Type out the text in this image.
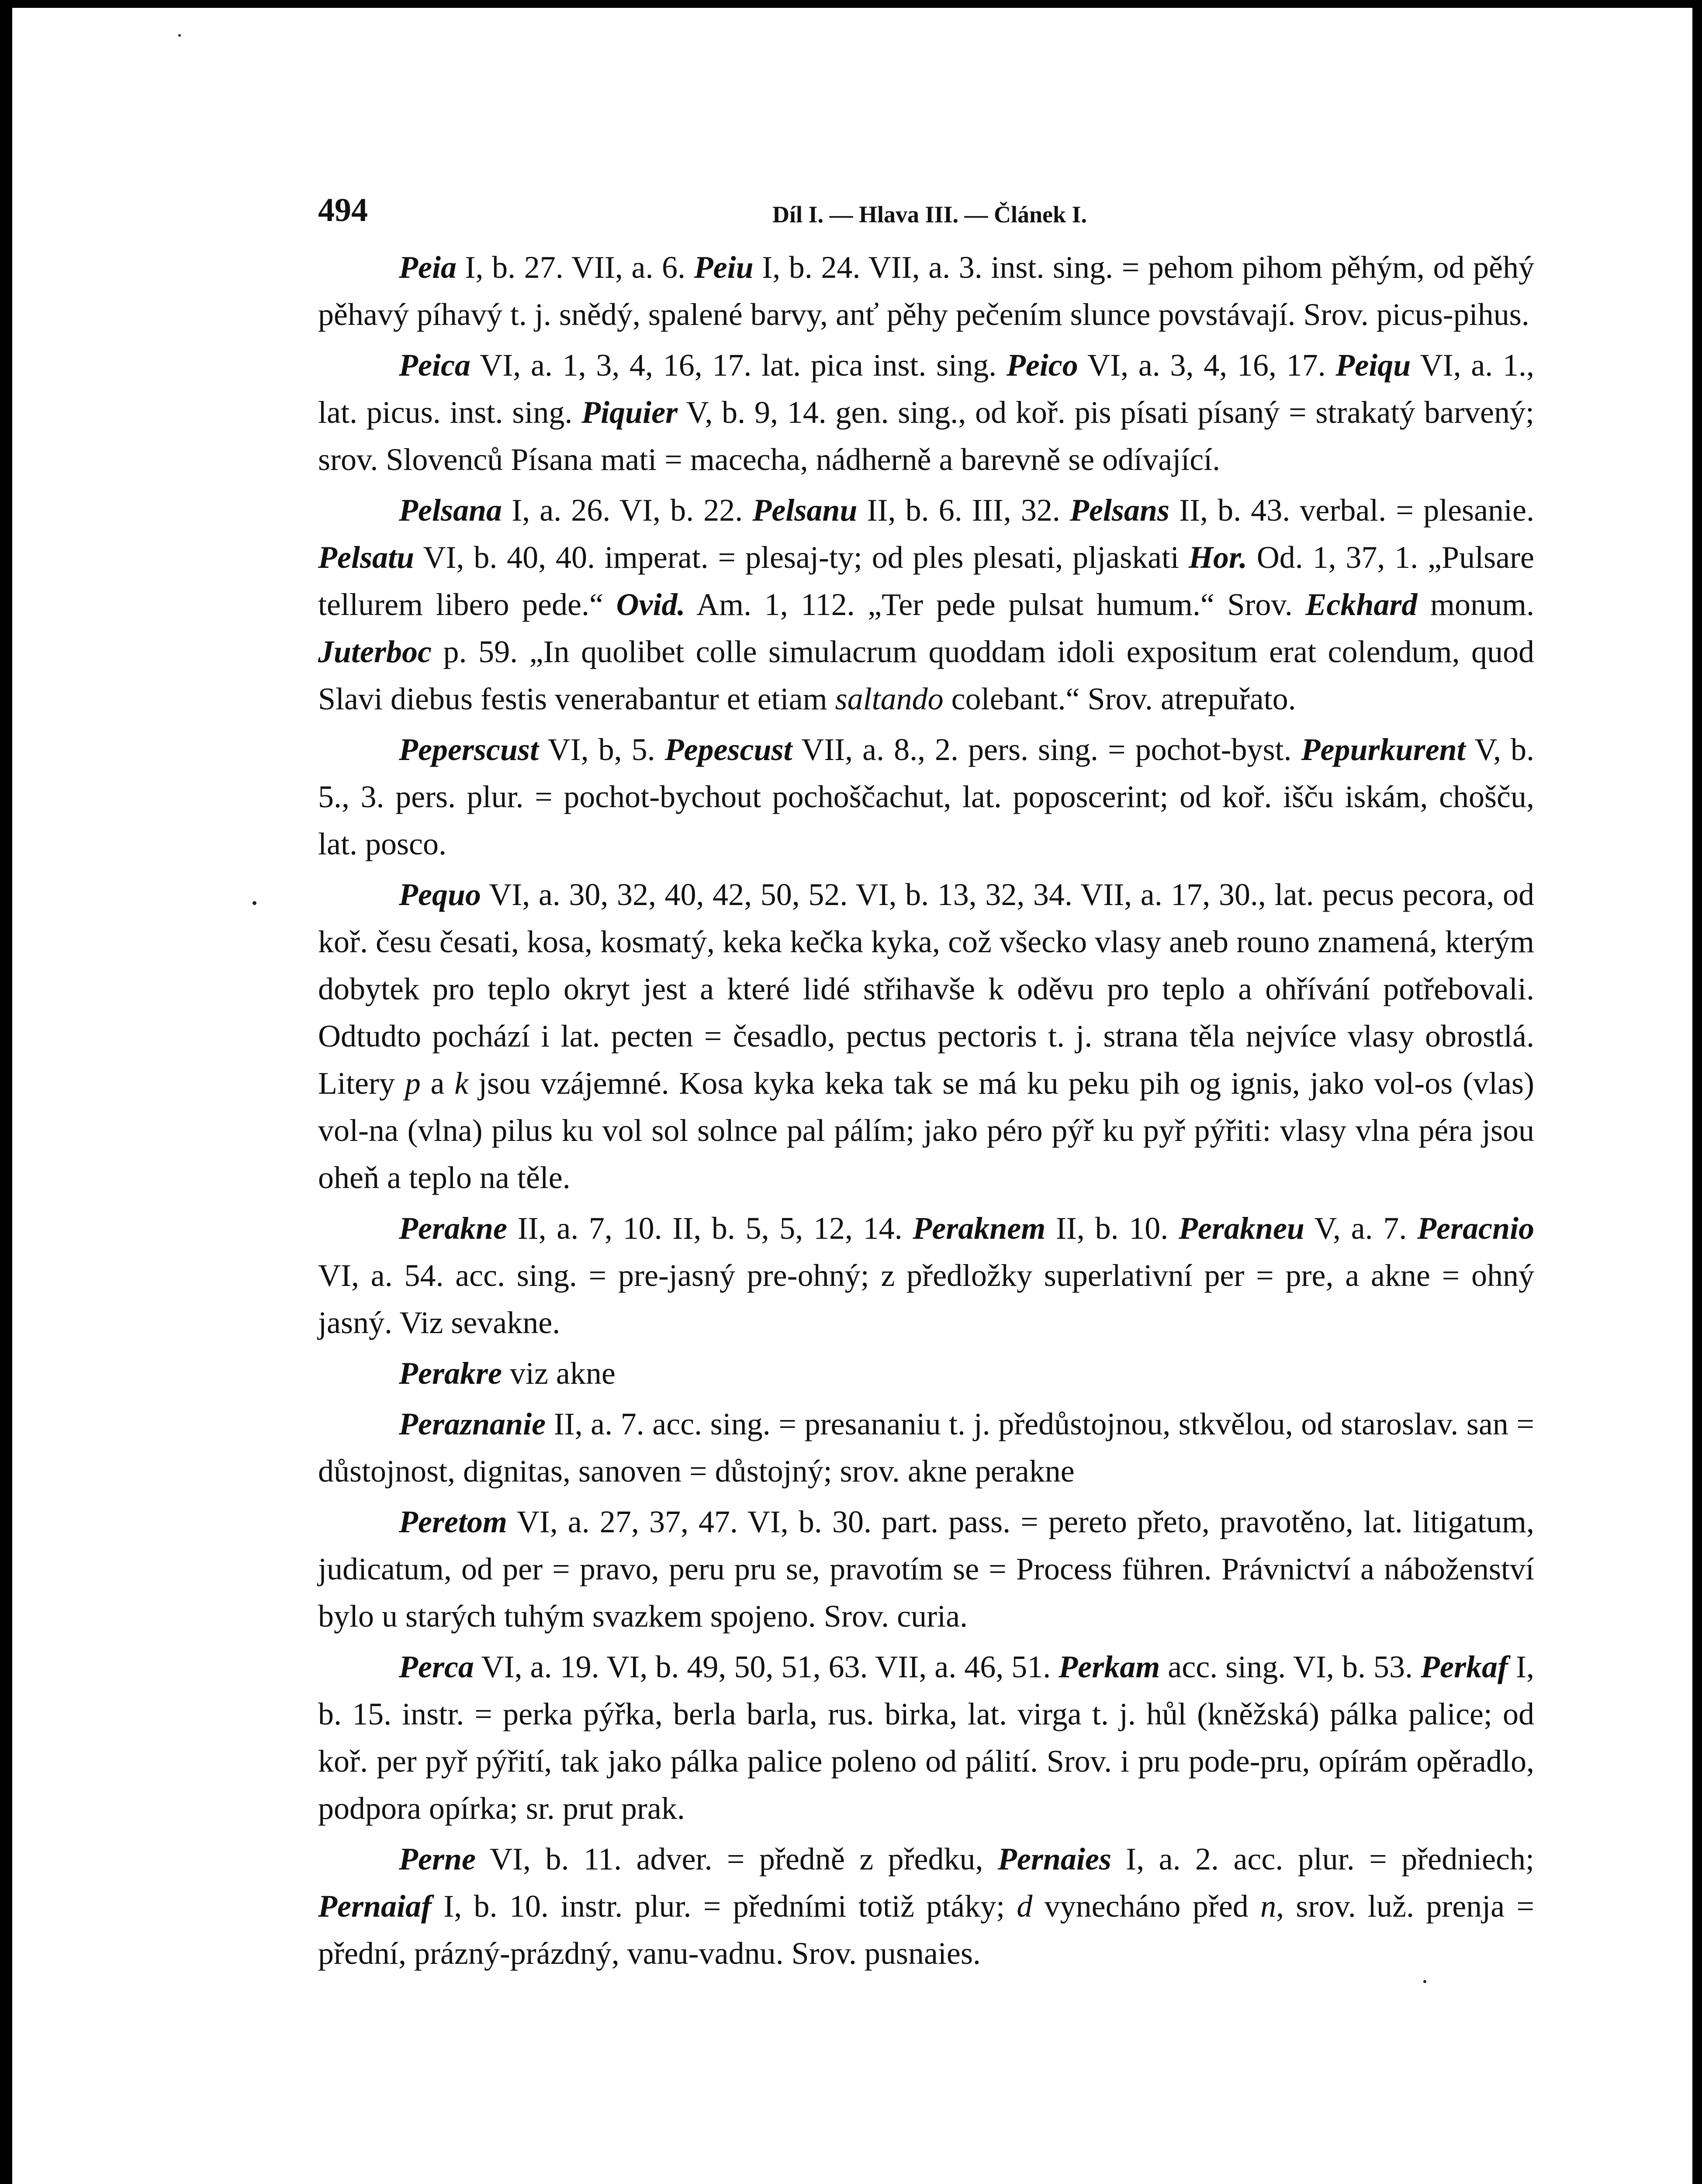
494	Díl I. — Hlava III. — Článek I.

Peia I, b. 27. VII, a. 6. Peiu I, b. 24. VII, a. 3. inst. sing. = pehom pihom pěhým, od pěhý pěhavý píhavý t. j. snědý, spalené barvy, anť pěhy pečením slunce povstávají. Srov. picus-pihus.

Peica VI, a. 1, 3, 4, 16, 17. lat. pica inst. sing. Peico VI, a. 3, 4, 16, 17. Peiqu VI, a. 1., lat. picus. inst. sing. Piquier V, b. 9, 14. gen. sing., od koř. pis písati písaný = strakatý barvený; srov. Slovenců Písana mati = macecha, nádherně a barevně se odívající.

Pelsana I, a. 26. VI, b. 22. Pelsanu II, b. 6. III, 32. Pelsans II, b. 43. verbal. = plesanie. Pelsatu VI, b. 40, 40. imperat. = plesaj-ty; od ples plesati, pljaskati Hor. Od. 1, 37, 1. „Pulsare tellurem libero pede.“ Ovid. Am. 1, 112. „Ter pede pulsat humum.“ Srov. Eckhard monum. Juterboc p. 59. „In quolibet colle simulacrum quoddam idoli expositum erat colendum, quod Slavi diebus festis venerabantur et etiam saltando colebant.“ Srov. atrepuřato.

Peperscust VI, b, 5. Pepescust VII, a. 8., 2. pers. sing. = pochot-byst. Pepurkurent V, b. 5., 3. pers. plur. = pochot-bychout pochoščachut, lat. poposcerint; od koř. išču iskám, chošču, lat. posco.

Pequo VI, a. 30, 32, 40, 42, 50, 52. VI, b. 13, 32, 34. VII, a. 17, 30., lat. pecus pecora, od koř. česu česati, kosa, kosmatý, keka kečka kyka, což všecko vlasy aneb rouno znamená, kterým dobytek pro teplo okryt jest a které lidé střihavše k oděvu pro teplo a ohřívání potřebovali. Odtudto pochází i lat. pecten = česadlo, pectus pectoris t. j. strana těla nejvíce vlasy obrostlá. Litery p a k jsou vzájemné. Kosa kyka keka tak se má ku peku pih og ignis, jako vol-os (vlas) vol-na (vlna) pilus ku vol sol solnce pal pálím; jako péro pýř ku pyř pýřiti: vlasy vlna péra jsou oheň a teplo na těle.

Perakne II, a. 7, 10. II, b. 5, 5, 12, 14. Peraknem II, b. 10. Perakneu V, a. 7. Peracnio VI, a. 54. acc. sing. = pre-jasný pre-ohný; z předložky superlativní per = pre, a akne = ohný jasný. Viz sevakne.

Perakre viz akne

Peraznanie II, a. 7. acc. sing. = presananiu t. j. předůstojnou, stkvělou, od staroslav. san = důstojnost, dignitas, sanoven = důstojný; srov. akne perakne

Peretom VI, a. 27, 37, 47. VI, b. 30. part. pass. = pereto přeto, pravotěno, lat. litigatum, judicatum, od per = pravo, peru pru se, pravotím se = Process führen. Právnictví a náboženství bylo u starých tuhým svazkem spojeno. Srov. curia.

Perca VI, a. 19. VI, b. 49, 50, 51, 63. VII, a. 46, 51. Perkam acc. sing. VI, b. 53. Perkaf I, b. 15. instr. = perka pýřka, berla barla, rus. birka, lat. virga t. j. hůl (kněžská) pálka palice; od koř. per pyř pýřití, tak jako pálka palice poleno od pálití. Srov. i pru pode-pru, opírám opěradlo, podpora opírka; sr. prut prak.

Perne VI, b. 11. adver. = předně z předku, Pernaies I, a. 2. acc. plur. = předniech; Pernaiaf I, b. 10. instr. plur. = předními totiž ptáky; d vynecháno před n, srov. luž. prenja = přední, prázný-prázdný, vanu-vadnu. Srov. pusnaies.
